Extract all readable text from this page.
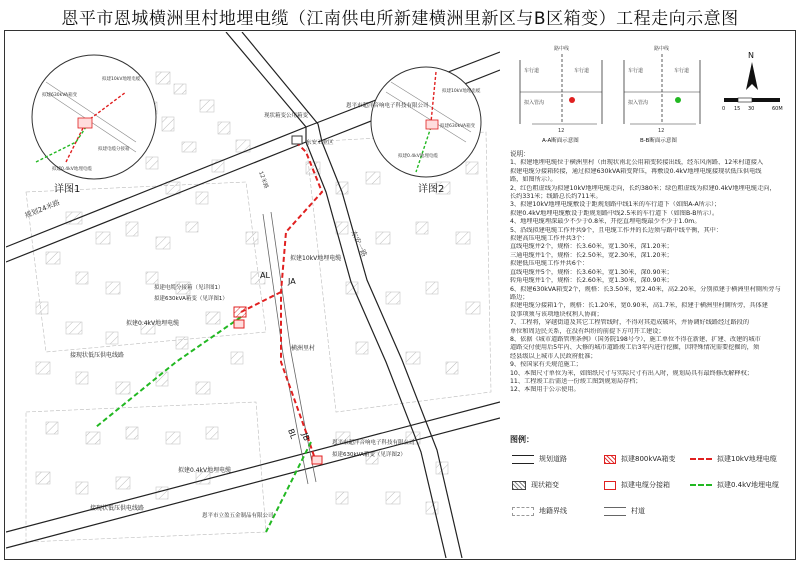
恩平市恩城横洲里村地埋电缆（江南供电所新建横洲里新区与B区箱变）工程走向示意图
拟建10kV地埋电缆
拟建630kVA箱变
拟建0.4kV地埋电缆
拟建电缆分接箱
详图1
拟建10kV地埋电缆
拟建630kVA箱变
拟建0.4kV地埋电缆
详图2
规划24米路
东安一路
12米路
现状箱变公用箱变
东安工业区
恩平市超洋音响电子科技有限公司
拟建10kV地埋电缆
拟建电缆分接箱（见详图1）
拟建630kVA箱变（见详图1）
拟建0.4kV地埋电缆
接现状低压供电线路
横洲里村
AL
JA
BL JB
恩平市超洋音响电子科技有限公司
拟建630kVA箱变（见详图2）
拟建0.4kV地埋电缆
接现状低压供电线路
恩平市立盈五金制品有限公司
车行道
路中线
车行道
拟入管沟
12
A-A断面示意图
车行道
路中线
车行道
拟入管沟
12
B-B断面示意图
N
0 15 30	60M
说明：
1、拟建地埋电缆位于横洲里村（由现状南北公用箱变转接出线，经东风南路、12米村道接入
拟建电缆分接箱转接，通过拟建630kVA箱变降压，再敷设0.4kV地埋电缆接现状低压供电线
路，如图所示）。
2、红色粗虚线为拟建10kV地埋电缆走向，长约380米；绿色粗虚线为拟建0.4kV地埋电缆走向，
长约331米；线路总长约711米。
3、拟建10kV地埋电缆敷设于距规划路中线1米的车行道下（如图A-A所示）；
拟建0.4kV地埋电缆敷设于距规划路中线2.5米的车行道下（如图B-B所示）。
4、地埋电缆埋深最少不少于0.8米，开挖直埋电缆最少不少于1.0m。
5、沿线拟建电缆工作井共9个，且电缆工作井的长边须与路中线平衡，其中：
拟建高压电缆工作井共3个：
直线电缆井2个，规格：长3.60米，宽1.30米，深1.20米；
三通电缆井1个，规格：长2.50米，宽2.30米，深1.20米；
拟建低压电缆工作井共6个：
直线电缆井5个，规格：长3.60米，宽1.30米，深0.90米；
转角电缆井1个，规格：长2.60米，宽1.30米，深0.90米；
6、拟建630kVA箱变2个，规格：长3.50米，宽2.40米，高2.20米，分别拟建于横洲里村厕所旁与
路边；
拟建电缆分接箱1个，规格：长1.20米，宽0.90米，高1.7米，拟建于横洲里村厕所旁，具体建
设事项须与该项地块权利人协商；
7、工程将，穿越街道及其它工程管线时，不得对其造成破坏，并协调好线路经过路段的
单位和周边民关系，在没有纠纷的前提下方可开工建设；
8、依据《城市道路管理条例》（国务院198号令），施工单位不得在新建、扩建、改建的城市
道路交付使用后5年内、大修的城市道路竣工后3年内进行挖掘，因特殊情况需要挖掘的，须
经县级以上城市人民政府批准；
9、按国家有关规范施工；
10、本图尺寸单位为米，如图纸尺寸与实际尺寸有出入时，规划局具有最终修改解释权；
11、工程竣工后需送一份竣工图到规划局存档；
12、本图用于公示使用。
图例：
规划道路	拟建800kVA箱变	拟建10kV地埋电缆
现状箱变	拟建电缆分接箱	拟建0.4kV地埋电缆
地籍界线	村道
